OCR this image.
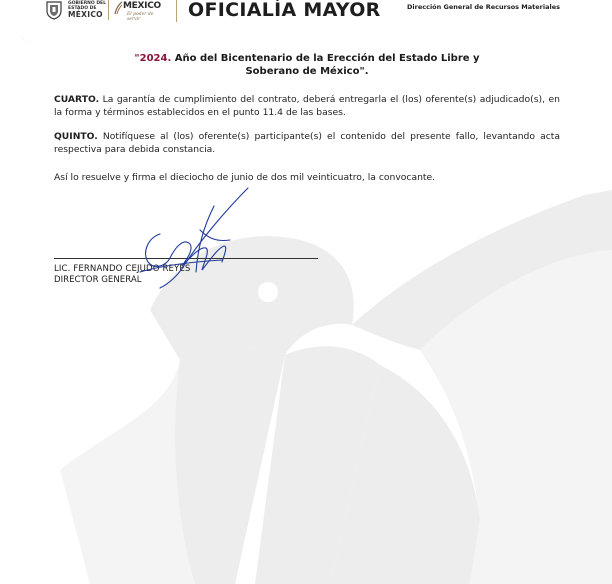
GOBIERNO DEL
ESTADO DE
MÉXICO
MEXICO
El poder de servir	OFICIALÍA MAYOR	Dirección General de Recursos Materiales
` ·
"2024. Año del Bicentenario de la Erección del Estado Libre y
Soberano de México".
CUARTO. La garantía de cumplimiento del contrato, deberá entregarla el (los) oferente(s) adjudicado(s), en la forma y términos establecidos en el punto 11.4 de las bases.
QUINTO. Notifíquese al (los) oferente(s) participante(s) el contenido del presente fallo, levantando acta respectiva para debida constancia.
Así lo resuelve y firma el dieciocho de junio de dos mil veinticuatro, la convocante.
LIC. FERNANDO CEJUDO REYES
DIRECTOR GENERAL
